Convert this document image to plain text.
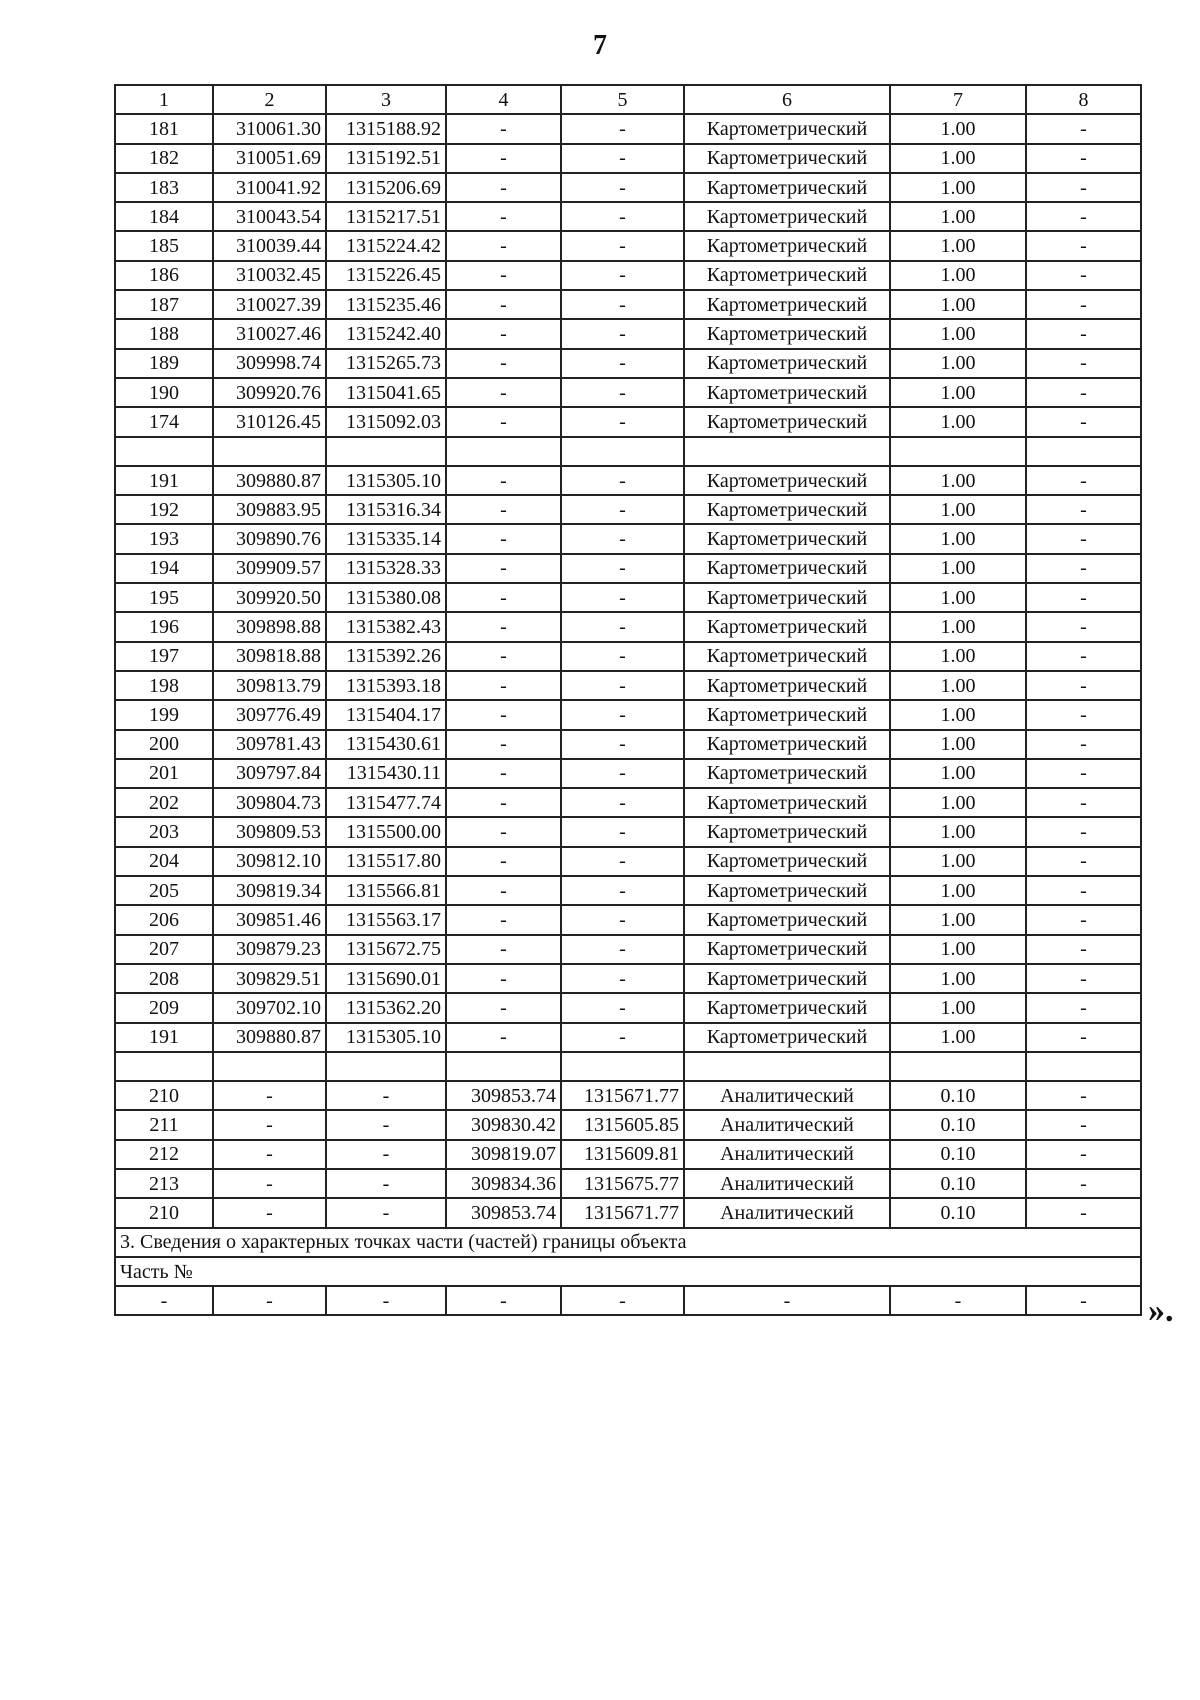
7
1	2	3	4	5	6	7	8
181	310061.30	1315188.92	-	-	Картометрический	1.00	-
182	310051.69	1315192.51	-	-	Картометрический	1.00	-
183	310041.92	1315206.69	-	-	Картометрический	1.00	-
184	310043.54	1315217.51	-	-	Картометрический	1.00	-
185	310039.44	1315224.42	-	-	Картометрический	1.00	-
186	310032.45	1315226.45	-	-	Картометрический	1.00	-
187	310027.39	1315235.46	-	-	Картометрический	1.00	-
188	310027.46	1315242.40	-	-	Картометрический	1.00	-
189	309998.74	1315265.73	-	-	Картометрический	1.00	-
190	309920.76	1315041.65	-	-	Картометрический	1.00	-
174	310126.45	1315092.03	-	-	Картометрический	1.00	-

191	309880.87	1315305.10	-	-	Картометрический	1.00	-
192	309883.95	1315316.34	-	-	Картометрический	1.00	-
193	309890.76	1315335.14	-	-	Картометрический	1.00	-
194	309909.57	1315328.33	-	-	Картометрический	1.00	-
195	309920.50	1315380.08	-	-	Картометрический	1.00	-
196	309898.88	1315382.43	-	-	Картометрический	1.00	-
197	309818.88	1315392.26	-	-	Картометрический	1.00	-
198	309813.79	1315393.18	-	-	Картометрический	1.00	-
199	309776.49	1315404.17	-	-	Картометрический	1.00	-
200	309781.43	1315430.61	-	-	Картометрический	1.00	-
201	309797.84	1315430.11	-	-	Картометрический	1.00	-
202	309804.73	1315477.74	-	-	Картометрический	1.00	-
203	309809.53	1315500.00	-	-	Картометрический	1.00	-
204	309812.10	1315517.80	-	-	Картометрический	1.00	-
205	309819.34	1315566.81	-	-	Картометрический	1.00	-
206	309851.46	1315563.17	-	-	Картометрический	1.00	-
207	309879.23	1315672.75	-	-	Картометрический	1.00	-
208	309829.51	1315690.01	-	-	Картометрический	1.00	-
209	309702.10	1315362.20	-	-	Картометрический	1.00	-
191	309880.87	1315305.10	-	-	Картометрический	1.00	-

210	-	-	309853.74	1315671.77	Аналитический	0.10	-
211	-	-	309830.42	1315605.85	Аналитический	0.10	-
212	-	-	309819.07	1315609.81	Аналитический	0.10	-
213	-	-	309834.36	1315675.77	Аналитический	0.10	-
210	-	-	309853.74	1315671.77	Аналитический	0.10	-
3. Сведения о характерных точках части (частей) границы объекта							
Часть №							
-	-	-	-	-	-	-	- ».
